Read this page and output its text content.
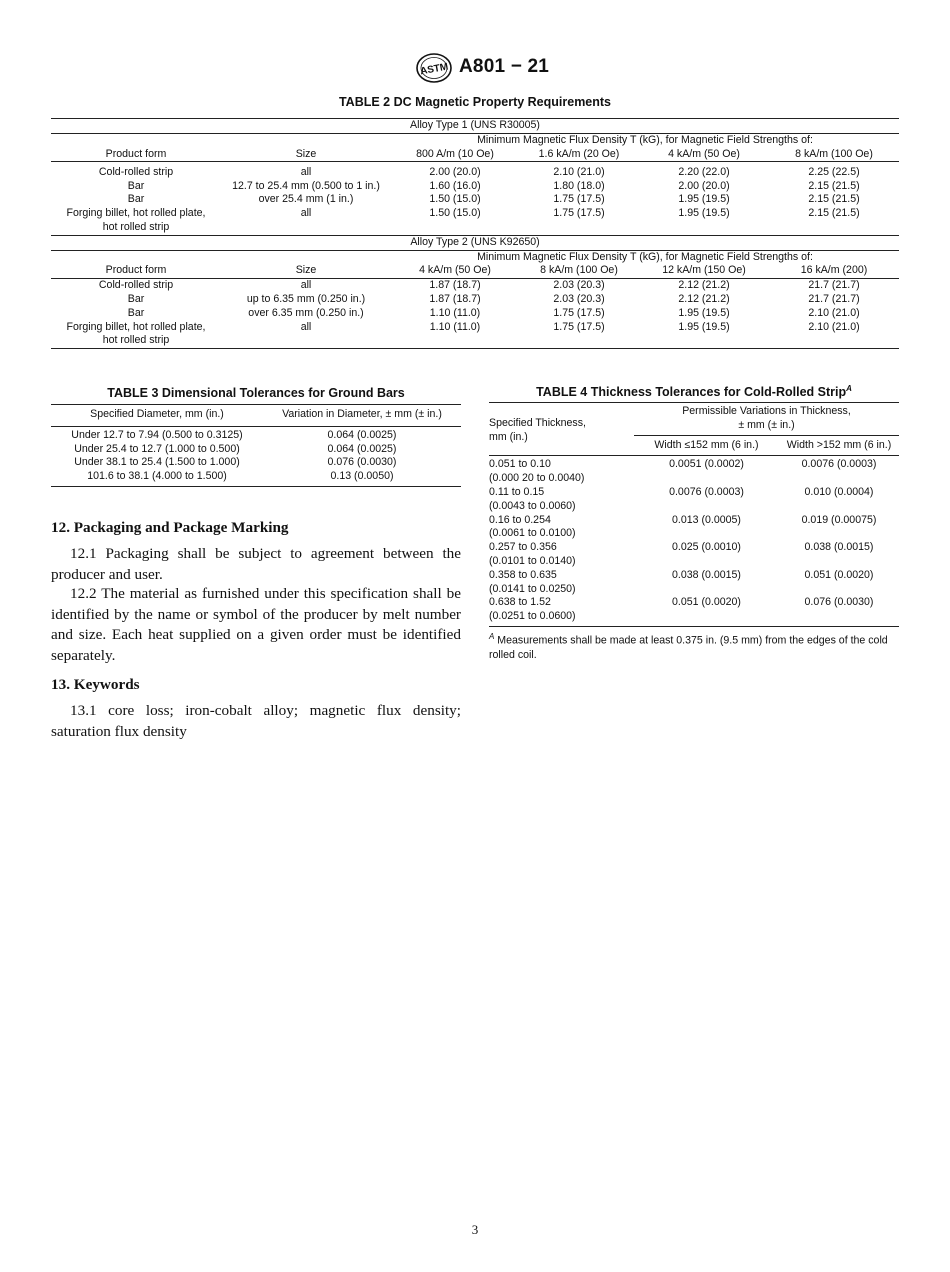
ASTM A801 − 21
TABLE 2 DC Magnetic Property Requirements
Alloy Type 1 (UNS R30005)					
		Minimum Magnetic Flux Density T (kG), for Magnetic Field Strengths of:			
Product form	Size	800 A/m (10 Oe)	1.6 kA/m (20 Oe)	4 kA/m (50 Oe)	8 kA/m (100 Oe)

Cold-rolled strip	all	2.00 (20.0)	2.10 (21.0)	2.20 (22.0)	2.25 (22.5)
Bar	12.7 to 25.4 mm (0.500 to 1 in.)	1.60 (16.0)	1.80 (18.0)	2.00 (20.0)	2.15 (21.5)
Bar	over 25.4 mm (1 in.)	1.50 (15.0)	1.75 (17.5)	1.95 (19.5)	2.15 (21.5)
Forging billet, hot rolled plate,	all	1.50 (15.0)	1.75 (17.5)	1.95 (19.5)	2.15 (21.5)
hot rolled strip					
Alloy Type 2 (UNS K92650)					
		Minimum Magnetic Flux Density T (kG), for Magnetic Field Strengths of:			
Product form	Size	4 kA/m (50 Oe)	8 kA/m (100 Oe)	12 kA/m (150 Oe)	16 kA/m (200)
Cold-rolled strip	all	1.87 (18.7)	2.03 (20.3)	2.12 (21.2)	21.7 (21.7)
Bar	up to 6.35 mm (0.250 in.)	1.87 (18.7)	2.03 (20.3)	2.12 (21.2)	21.7 (21.7)
Bar	over 6.35 mm (0.250 in.)	1.10 (11.0)	1.75 (17.5)	1.95 (19.5)	2.10 (21.0)
Forging billet, hot rolled plate,	all	1.10 (11.0)	1.75 (17.5)	1.95 (19.5)	2.10 (21.0)
hot rolled strip					
TABLE 3 Dimensional Tolerances for Ground Bars
Specified Diameter, mm (in.)	Variation in Diameter, ± mm (± in.)
Under 12.7 to 7.94 (0.500 to 0.3125)	0.064 (0.0025)
Under 25.4 to 12.7 (1.000 to 0.500)	0.064 (0.0025)
Under 38.1 to 25.4 (1.500 to 1.000)	0.076 (0.0030)
101.6 to 38.1 (4.000 to 1.500)	0.13 (0.0050)
12. Packaging and Package Marking
12.1 Packaging shall be subject to agreement between the producer and user.
12.2 The material as furnished under this specification shall be identified by the name or symbol of the producer by melt number and size. Each heat supplied on a given order must be identified separately.
13. Keywords
13.1 core loss; iron-cobalt alloy; magnetic flux density; saturation flux density
TABLE 4 Thickness Tolerances for Cold-Rolled Strip$^A$
Specified Thickness,
mm (in.)	Permissible Variations in Thickness,
± mm (± in.)	
	Width ≤152 mm (6 in.)	Width >152 mm (6 in.)
0.051 to 0.10
(0.000 20 to 0.0040)	0.0051 (0.0002)	0.0076 (0.0003)
0.11 to 0.15
(0.0043 to 0.0060)	0.0076 (0.0003)	0.010 (0.0004)
0.16 to 0.254
(0.0061 to 0.0100)	0.013 (0.0005)	0.019 (0.00075)
0.257 to 0.356
(0.0101 to 0.0140)	0.025 (0.0010)	0.038 (0.0015)
0.358 to 0.635
(0.0141 to 0.0250)	0.038 (0.0015)	0.051 (0.0020)
0.638 to 1.52
(0.0251 to 0.0600)	0.051 (0.0020)	0.076 (0.0030)
$^A$ Measurements shall be made at least 0.375 in. (9.5 mm) from the edges of the cold rolled coil.
3
